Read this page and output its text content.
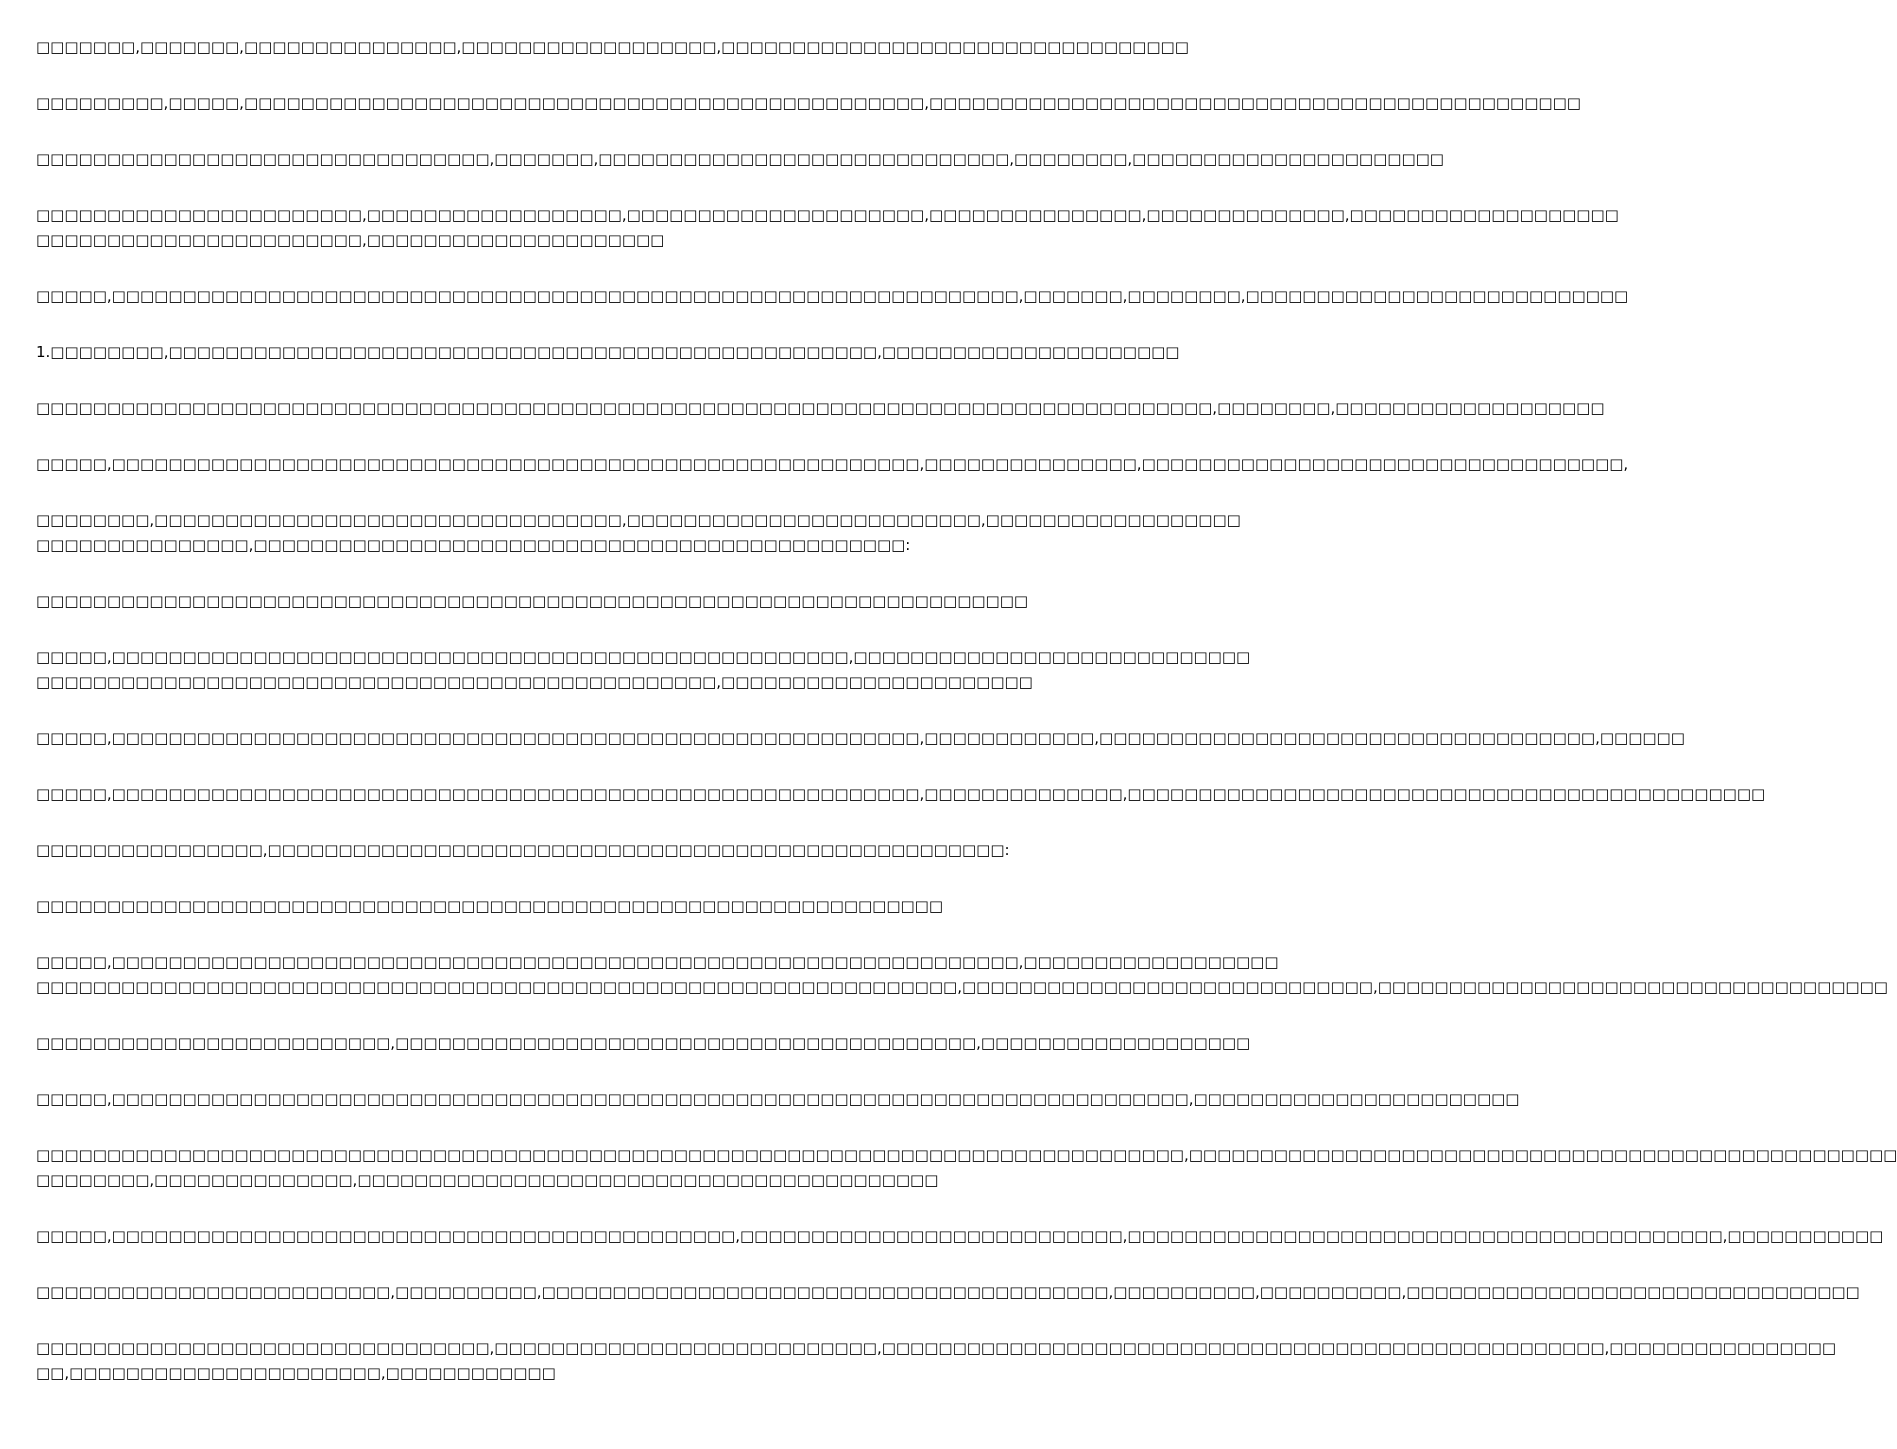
□□□□□□□,□□□□□□□,□□□□□□□□□□□□□□□,□□□□□□□□□□□□□□□□□□,□□□□□□□□□□□□□□□□□□□□□□□□□□□□□□□□□
□□□□□□□□□,□□□□□,□□□□□□□□□□□□□□□□□□□□□□□□□□□□□□□□□□□□□□□□□□□□□□□□,□□□□□□□□□□□□□□□□□□□□□□□□□□□□□□□□□□□□□□□□□□□□□□
□□□□□□□□□□□□□□□□□□□□□□□□□□□□□□□□,□□□□□□□,□□□□□□□□□□□□□□□□□□□□□□□□□□□□□,□□□□□□□□,□□□□□□□□□□□□□□□□□□□□□□
□□□□□□□□□□□□□□□□□□□□□□□,□□□□□□□□□□□□□□□□□□,□□□□□□□□□□□□□□□□□□□□□,□□□□□□□□□□□□□□□,□□□□□□□□□□□□□□,□□□□□□□□□□□□□□□□□□□
□□□□□□□□□□□□□□□□□□□□□□□,□□□□□□□□□□□□□□□□□□□□□
□□□□□,□□□□□□□□□□□□□□□□□□□□□□□□□□□□□□□□□□□□□□□□□□□□□□□□□□□□□□□□□□□□□□□□,□□□□□□□,□□□□□□□□,□□□□□□□□□□□□□□□□□□□□□□□□□□□
1.□□□□□□□□,□□□□□□□□□□□□□□□□□□□□□□□□□□□□□□□□□□□□□□□□□□□□□□□□□□,□□□□□□□□□□□□□□□□□□□□□
□□□□□□□□□□□□□□□□□□□□□□□□□□□□□□□□□□□□□□□□□□□□□□□□□□□□□□□□□□□□□□□□□□□□□□□□□□□□□□□□□□□,□□□□□□□□,□□□□□□□□□□□□□□□□□□□
□□□□□,□□□□□□□□□□□□□□□□□□□□□□□□□□□□□□□□□□□□□□□□□□□□□□□□□□□□□□□□□,□□□□□□□□□□□□□□□,□□□□□□□□□□□□□□□□□□□□□□□□□□□□□□□□□□,
□□□□□□□□,□□□□□□□□□□□□□□□□□□□□□□□□□□□□□□□□□,□□□□□□□□□□□□□□□□□□□□□□□□□,□□□□□□□□□□□□□□□□□□
□□□□□□□□□□□□□□□,□□□□□□□□□□□□□□□□□□□□□□□□□□□□□□□□□□□□□□□□□□□□□□:
□□□□□□□□□□□□□□□□□□□□□□□□□□□□□□□□□□□□□□□□□□□□□□□□□□□□□□□□□□□□□□□□□□□□□□
□□□□□,□□□□□□□□□□□□□□□□□□□□□□□□□□□□□□□□□□□□□□□□□□□□□□□□□□□□,□□□□□□□□□□□□□□□□□□□□□□□□□□□□
□□□□□□□□□□□□□□□□□□□□□□□□□□□□□□□□□□□□□□□□□□□□□□□□,□□□□□□□□□□□□□□□□□□□□□□
□□□□□,□□□□□□□□□□□□□□□□□□□□□□□□□□□□□□□□□□□□□□□□□□□□□□□□□□□□□□□□□,□□□□□□□□□□□□,□□□□□□□□□□□□□□□□□□□□□□□□□□□□□□□□□□□,□□□□□□
□□□□□,□□□□□□□□□□□□□□□□□□□□□□□□□□□□□□□□□□□□□□□□□□□□□□□□□□□□□□□□□,□□□□□□□□□□□□□□,□□□□□□□□□□□□□□□□□□□□□□□□□□□□□□□□□□□□□□□□□□□□□
□□□□□□□□□□□□□□□□,□□□□□□□□□□□□□□□□□□□□□□□□□□□□□□□□□□□□□□□□□□□□□□□□□□□□:
□□□□□□□□□□□□□□□□□□□□□□□□□□□□□□□□□□□□□□□□□□□□□□□□□□□□□□□□□□□□□□□□
□□□□□,□□□□□□□□□□□□□□□□□□□□□□□□□□□□□□□□□□□□□□□□□□□□□□□□□□□□□□□□□□□□□□□□,□□□□□□□□□□□□□□□□□□
□□□□□□□□□□□□□□□□□□□□□□□□□□□□□□□□□□□□□□□□□□□□□□□□□□□□□□□□□□□□□□□□□,□□□□□□□□□□□□□□□□□□□□□□□□□□□□□,□□□□□□□□□□□□□□□□□□□□□□□□□□□□□□□□□□□□
□□□□□□□□□□□□□□□□□□□□□□□□□,□□□□□□□□□□□□□□□□□□□□□□□□□□□□□□□□□□□□□□□□□,□□□□□□□□□□□□□□□□□□□
□□□□□,□□□□□□□□□□□□□□□□□□□□□□□□□□□□□□□□□□□□□□□□□□□□□□□□□□□□□□□□□□□□□□□□□□□□□□□□□□□□,□□□□□□□□□□□□□□□□□□□□□□□
□□□□□□□□□□□□□□□□□□□□□□□□□□□□□□□□□□□□□□□□□□□□□□□□□□□□□□□□□□□□□□□□□□□□□□□□□□□□□□□□□,□□□□□□□□□□□□□□□□□□□□□□□□□□□□□□□□□□□□□□□□□□□□□□□□□□
□□□□□□□□,□□□□□□□□□□□□□□,□□□□□□□□□□□□□□□□□□□□□□□□□□□□□□□□□□□□□□□□□
□□□□□,□□□□□□□□□□□□□□□□□□□□□□□□□□□□□□□□□□□□□□□□□□□□,□□□□□□□□□□□□□□□□□□□□□□□□□□□,□□□□□□□□□□□□□□□□□□□□□□□□□□□□□□□□□□□□□□□□□□,□□□□□□□□□□□
□□□□□□□□□□□□□□□□□□□□□□□□□,□□□□□□□□□□,□□□□□□□□□□□□□□□□□□□□□□□□□□□□□□□□□□□□□□□□,□□□□□□□□□□,□□□□□□□□□□,□□□□□□□□□□□□□□□□□□□□□□□□□□□□□□□□
□□□□□□□□□□□□□□□□□□□□□□□□□□□□□□□□,□□□□□□□□□□□□□□□□□□□□□□□□□□□,□□□□□□□□□□□□□□□□□□□□□□□□□□□□□□□□□□□□□□□□□□□□□□□□□□□,□□□□□□□□□□□□□□□□
□□,□□□□□□□□□□□□□□□□□□□□□□,□□□□□□□□□□□□
